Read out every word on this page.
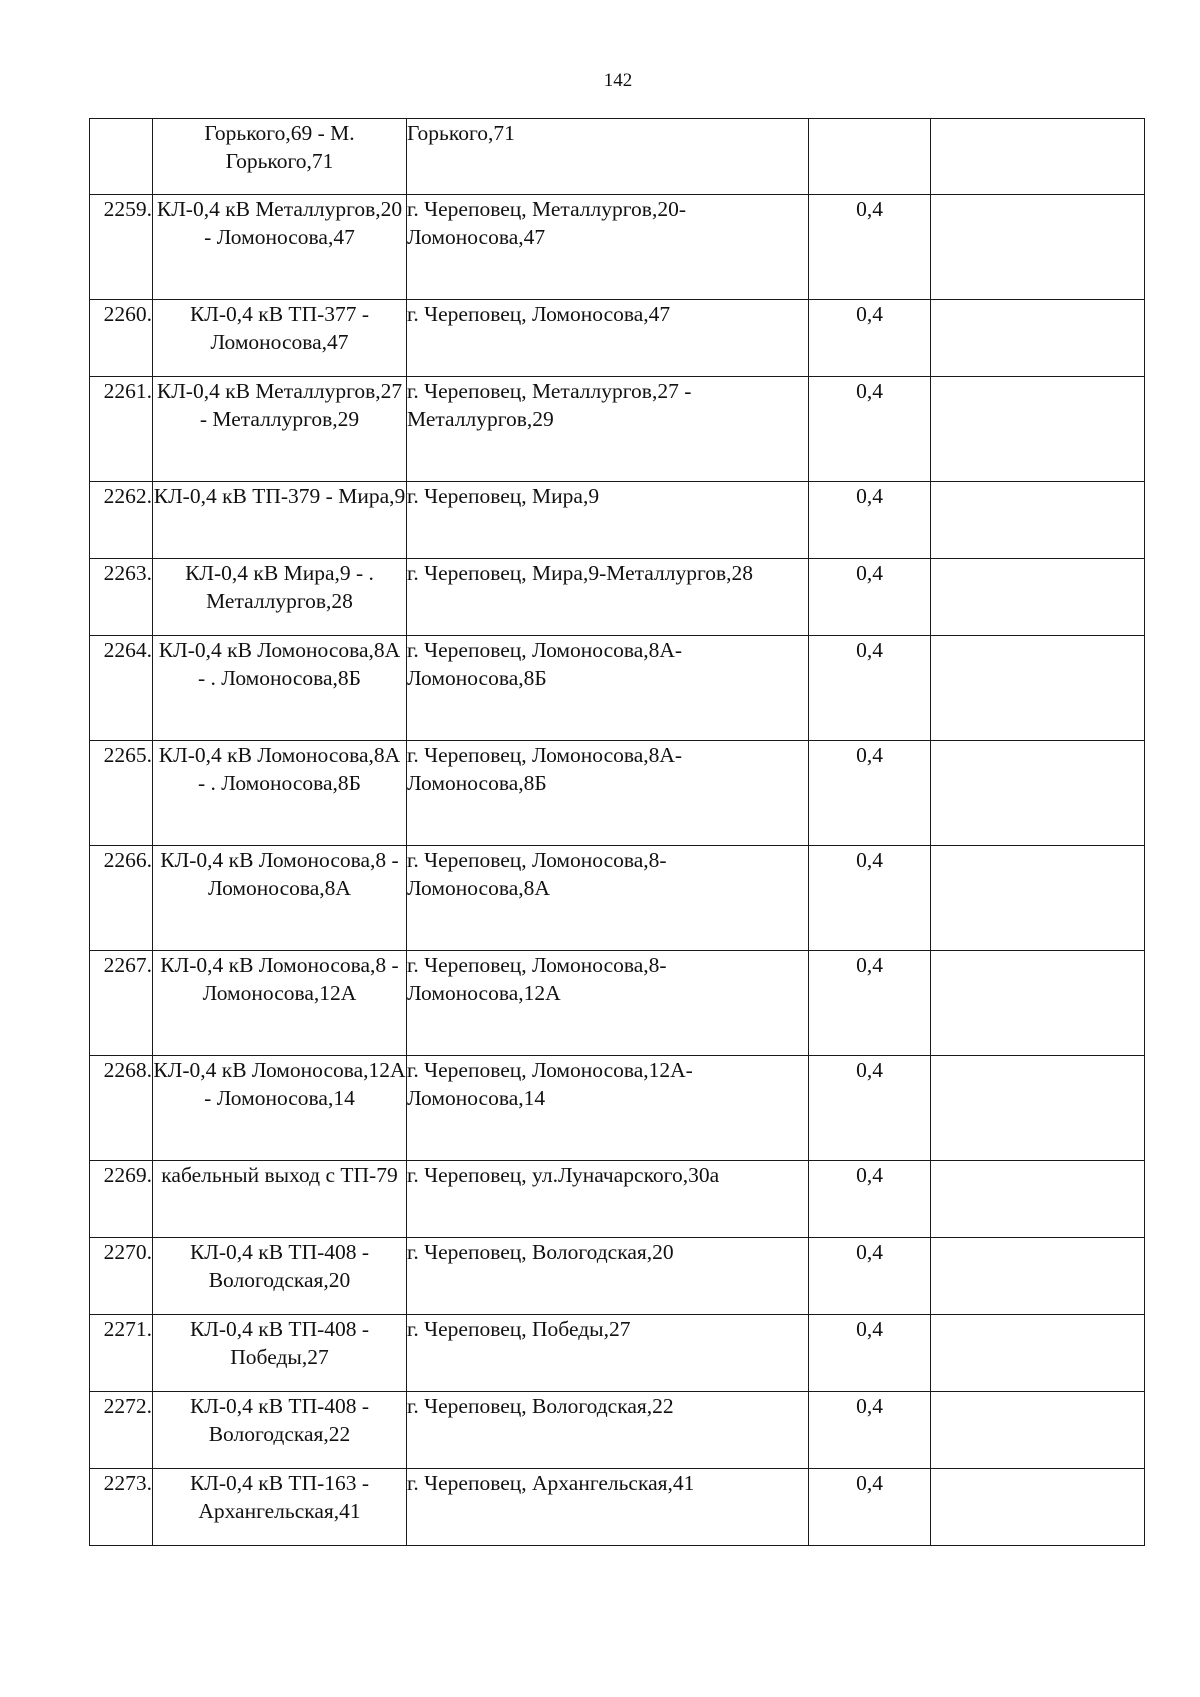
142
	Горького,69 - М. Горького,71	Горького,71		
2259.	КЛ-0,4 кВ Металлургов,20 - Ломоносова,47	г. Череповец, Металлургов,20-Ломоносова,47	0,4	
2260.	КЛ-0,4 кВ ТП-377 - Ломоносова,47	г. Череповец, Ломоносова,47	0,4	
2261.	КЛ-0,4 кВ Металлургов,27 - Металлургов,29	г. Череповец, Металлургов,27 - Металлургов,29	0,4	
2262.	КЛ-0,4 кВ ТП-379 - Мира,9	г. Череповец, Мира,9	0,4	
2263.	КЛ-0,4 кВ Мира,9 - . Металлургов,28	г. Череповец, Мира,9-Металлургов,28	0,4	
2264.	КЛ-0,4 кВ Ломоносова,8А - . Ломоносова,8Б	г. Череповец, Ломоносова,8А-Ломоносова,8Б	0,4	
2265.	КЛ-0,4 кВ Ломоносова,8А - . Ломоносова,8Б	г. Череповец, Ломоносова,8А-Ломоносова,8Б	0,4	
2266.	КЛ-0,4 кВ Ломоносова,8 - Ломоносова,8А	г. Череповец, Ломоносова,8-Ломоносова,8А	0,4	
2267.	КЛ-0,4 кВ Ломоносова,8 - Ломоносова,12А	г. Череповец, Ломоносова,8-Ломоносова,12А	0,4	
2268.	КЛ-0,4 кВ Ломоносова,12А - Ломоносова,14	г. Череповец, Ломоносова,12А-Ломоносова,14	0,4	
2269.	кабельный выход с ТП-79	г. Череповец, ул.Луначарского,30а	0,4	
2270.	КЛ-0,4 кВ ТП-408 - Вологодская,20	г. Череповец, Вологодская,20	0,4	
2271.	КЛ-0,4 кВ ТП-408 - Победы,27	г. Череповец, Победы,27	0,4	
2272.	КЛ-0,4 кВ ТП-408 - Вологодская,22	г. Череповец, Вологодская,22	0,4	
2273.	КЛ-0,4 кВ ТП-163 - Архангельская,41	г. Череповец, Архангельская,41	0,4	
